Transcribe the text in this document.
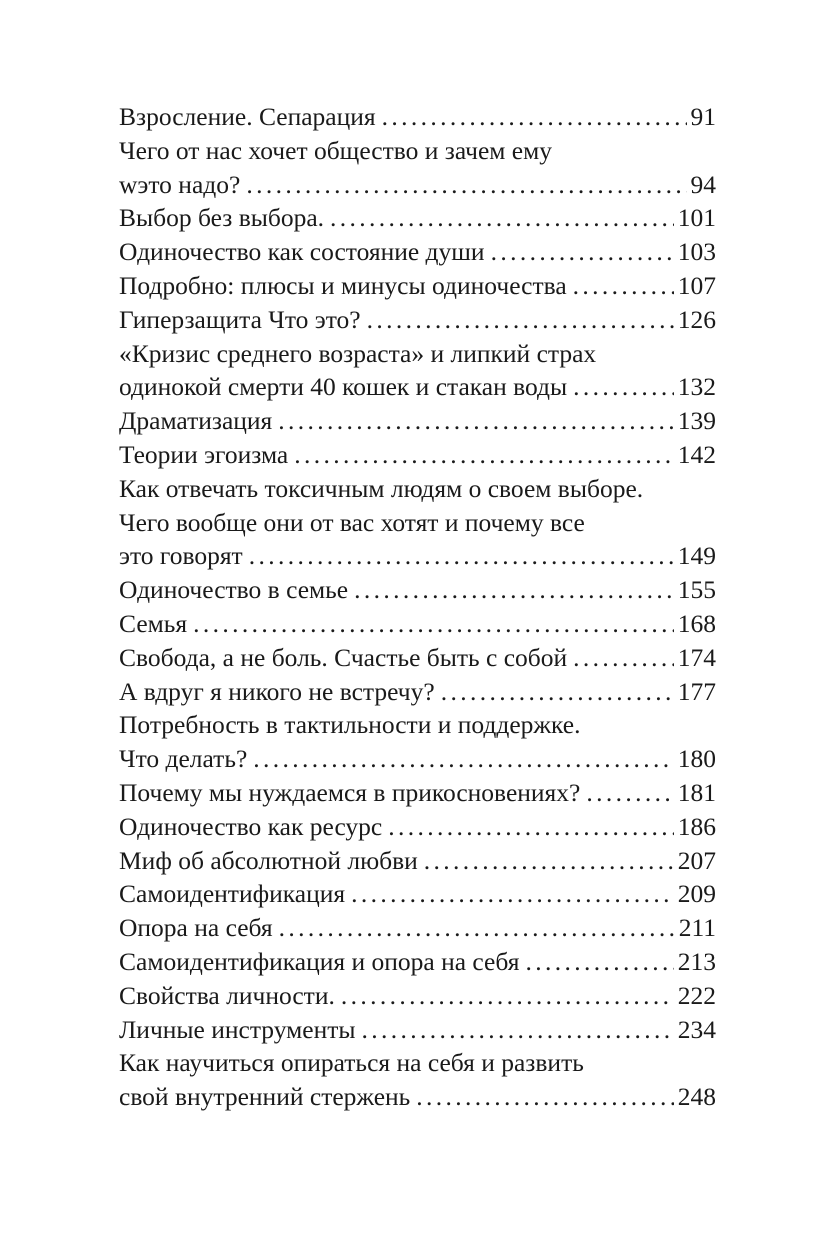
Взросление. Сепарация . . .	91
Чего от нас хочет общество и зачем ему
wэто надо? . . .	94
Выбор без выбора. . . .	101
Одиночество как состояние души . . .	103
Подробно: плюсы и минусы одиночества . . .	107
Гиперзащита Что это? . . .	126
«Кризис среднего возраста» и липкий страх
одинокой смерти 40 кошек и стакан воды . . .	132
Драматизация . . .	139
Теории эгоизма . . .	142
Как отвечать токсичным людям о своем выборе.
Чего вообще они от вас хотят и почему все
это говорят . . .	149
Одиночество в семье . . .	155
Семья . . .	168
Свобода, а не боль. Счастье быть с собой . . .	174
А вдруг я никого не встречу? . . .	177
Потребность в тактильности и поддержке.
Что делать? . . .	180
Почему мы нуждаемся в прикосновениях? . . .	181
Одиночество как ресурс . . .	186
Миф об абсолютной любви . . .	207
Самоидентификация . . .	209
Опора на себя . . .	211
Самоидентификация и опора на себя . . .	213
Свойства личности. . . .	222
Личные инструменты . . .	234
Как научиться опираться на себя и развить
свой внутренний стержень . . .	248
